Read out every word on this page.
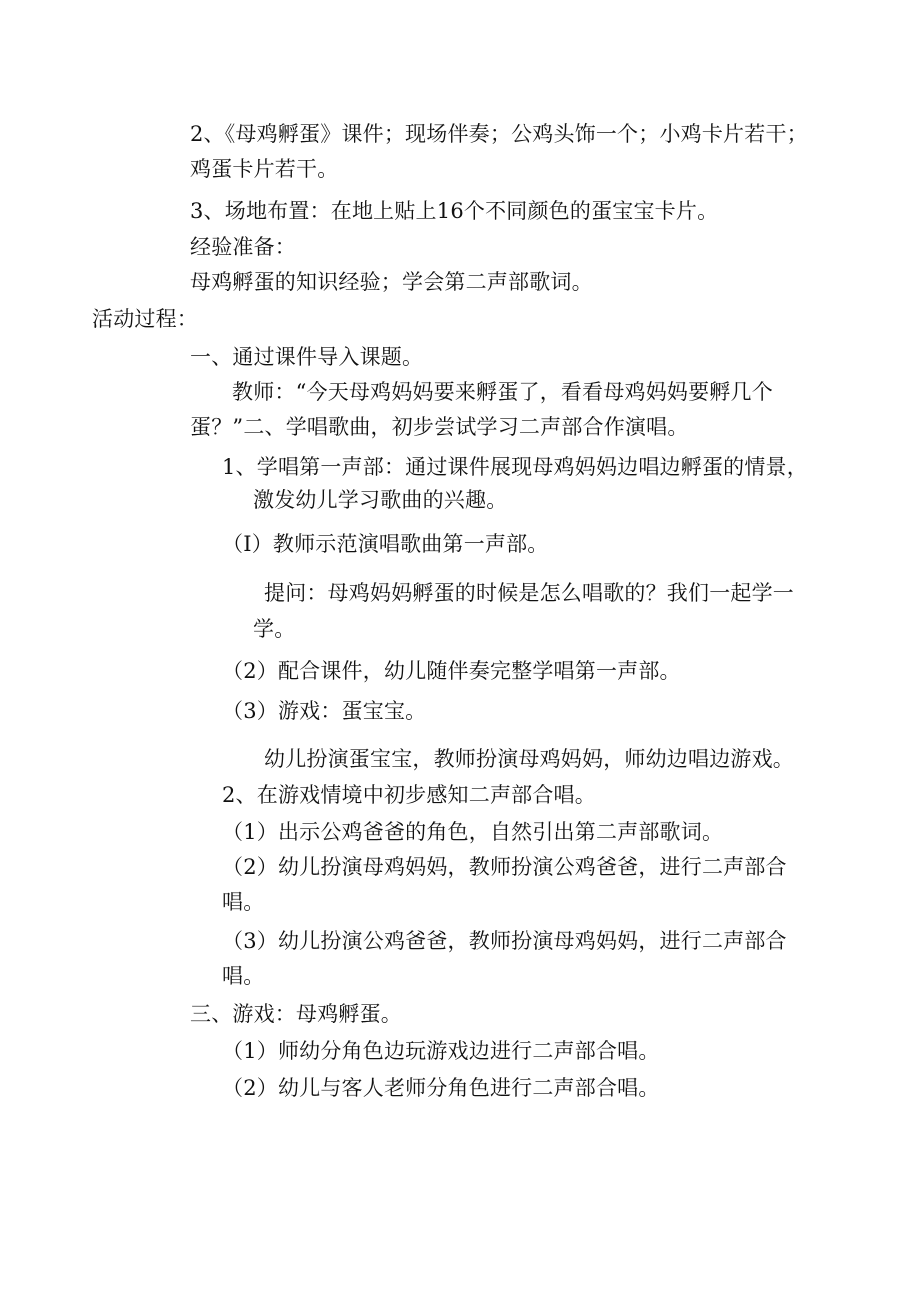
2、《母鸡孵蛋》课件；现场伴奏；公鸡头饰一个；小鸡卡片若干；
鸡蛋卡片若干。
3、场地布置：在地上贴上16个不同颜色的蛋宝宝卡片。
经验准备：
母鸡孵蛋的知识经验；学会第二声部歌词。
活动过程：
一、通过课件导入课题。
教师：“今天母鸡妈妈要来孵蛋了，看看母鸡妈妈要孵几个
蛋？”二、学唱歌曲，初步尝试学习二声部合作演唱。
1、学唱第一声部：通过课件展现母鸡妈妈边唱边孵蛋的情景，
激发幼儿学习歌曲的兴趣。
（I）教师示范演唱歌曲第一声部。
提问：母鸡妈妈孵蛋的时候是怎么唱歌的？我们一起学一
学。
（2）配合课件，幼儿随伴奏完整学唱第一声部。
（3）游戏：蛋宝宝。
幼儿扮演蛋宝宝，教师扮演母鸡妈妈，师幼边唱边游戏。
2、在游戏情境中初步感知二声部合唱。
（1）出示公鸡爸爸的角色，自然引出第二声部歌词。
（2）幼儿扮演母鸡妈妈，教师扮演公鸡爸爸，进行二声部合
唱。
（3）幼儿扮演公鸡爸爸，教师扮演母鸡妈妈，进行二声部合
唱。
三、游戏：母鸡孵蛋。
（1）师幼分角色边玩游戏边进行二声部合唱。
（2）幼儿与客人老师分角色进行二声部合唱。
